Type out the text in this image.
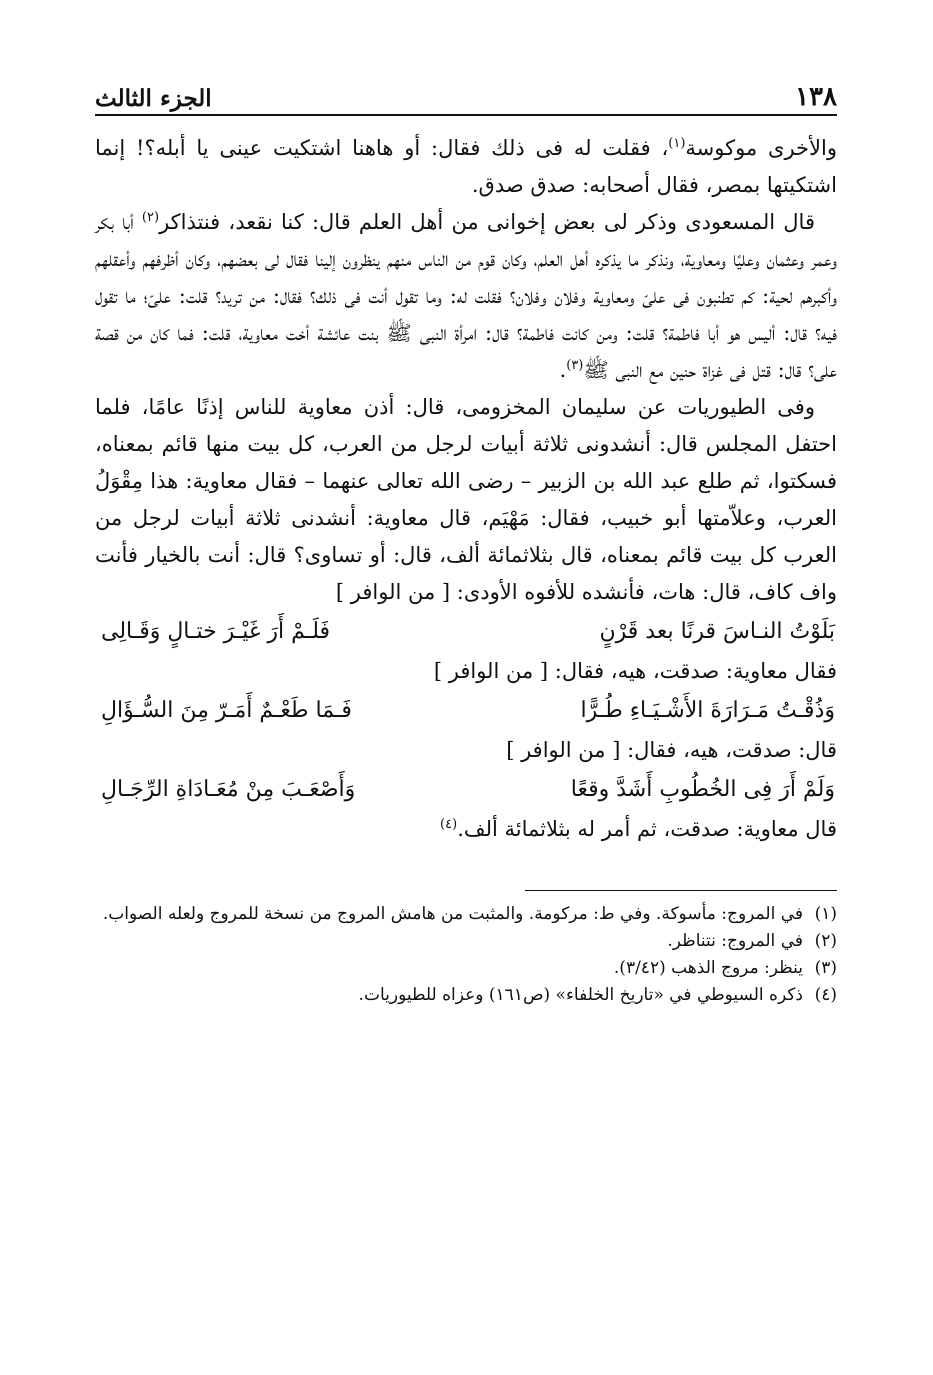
١٣٨
الجزء الثالث

والأخرى موكوسة$^{(١)}$، فقلت له فى ذلك فقال: أو هاهنا اشتكيت عينى يا أبله؟! إنما اشتكيتها بمصر، فقال أصحابه: صدق صدق.

قال المسعودى وذكر لى بعض إخوانى من أهل العلم قال: كنا نقعد، فنتذاكر$^{(٢)}$ أبا بكر وعمر وعثمان وعليًا ومعاوية، ونذكر ما يذكره أهل العلم، وكان قوم من الناس منهم ينظرون إلينا فقال لى بعضهم، وكان أظرفهم وأعقلهم وأكبرهم لحية: كم تطنبون فى علىّ ومعاوية وفلان وفلان؟ فقلت له: وما تقول أنت فى ذلك؟ فقال: من تريد؟ قلت: علىّ؛ ما تقول فيه؟ قال: أليس هو أبا فاطمة؟ قلت: ومن كانت فاطمة؟ قال: امرأة النبى ﷺ بنت عائشة أخت معاوية، قلت: فما كان من قصة على؟ قال: قتل فى غزاة حنين مع النبى ﷺ$^{(٣)}$.

وفى الطيوريات عن سليمان المخزومى، قال: أذن معاوية للناس إذنًا عامًا، فلما احتفل المجلس قال: أنشدونى ثلاثة أبيات لرجل من العرب، كل بيت منها قائم بمعناه، فسكتوا، ثم طلع عبد الله بن الزبير – رضى الله تعالى عنهما – فقال معاوية: هذا مِقْوَلُ العرب، وعلاّمتها أبو خبيب، فقال: مَهْيَم، قال معاوية: أنشدنى ثلاثة أبيات لرجل من العرب كل بيت قائم بمعناه، قال بثلاثمائة ألف، قال: أو تساوى؟ قال: أنت بالخيار فأنت واف كاف، قال: هات، فأنشده للأفوه الأودى: [ من الوافر ]

بَلَوْتُ النـاسَ قرنًا بعد قَرْنٍ
فَلَـمْ أَرَ غَيْـرَ ختـالٍ وَقَـالِى

فقال معاوية: صدقت، هيه، فقال: [ من الوافر ]

وَذُقْـتُ مَـرَارَةَ الأَشْـيَـاءِ طُـرًّا
فَـمَا طَعْـمٌ أَمَـرّ مِنَ السُّـؤَالِ

قال: صدقت، هيه، فقال: [ من الوافر ]

وَلَمْ أَرَ فِى الخُطُوبِ أَشَدَّ وقعًا
وَأَصْعَـبَ مِنْ مُعَـادَاةِ الرِّجَـالِ

قال معاوية: صدقت، ثم أمر له بثلاثمائة ألف.$^{(٤)}$

(١)
في المروج: مأسوكة. وفي ط: مركومة. والمثبت من هامش المروج من نسخة للمروج ولعله الصواب.
(٢)
في المروج: نتناظر.
(٣)
ينظر: مروج الذهب (٣/٤٢).
(٤)
ذكره السيوطي في «تاريخ الخلفاء» (ص١٦١) وعزاه للطيوريات.
